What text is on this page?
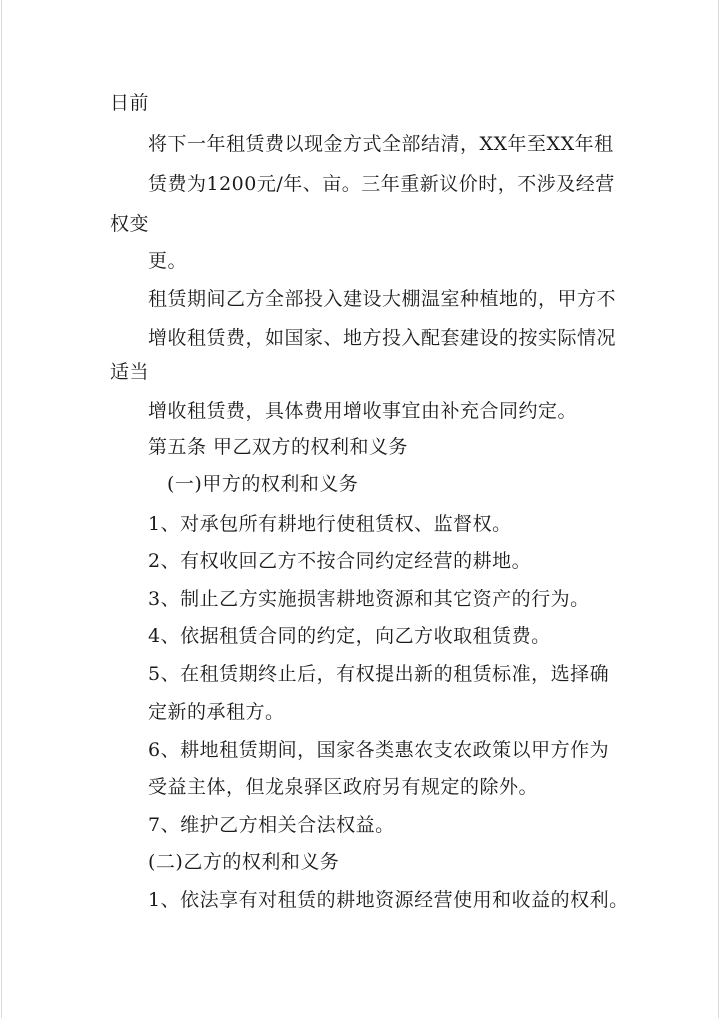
日前
将下一年租赁费以现金方式全部结清，XX年至XX年租
赁费为1200元/年、亩。三年重新议价时，不涉及经营
权变
更。
租赁期间乙方全部投入建设大棚温室种植地的，甲方不
增收租赁费，如国家、地方投入配套建设的按实际情况
适当
增收租赁费，具体费用增收事宜由补充合同约定。
第五条 甲乙双方的权利和义务
(一)甲方的权利和义务
1、对承包所有耕地行使租赁权、监督权。
2、有权收回乙方不按合同约定经营的耕地。
3、制止乙方实施损害耕地资源和其它资产的行为。
4、依据租赁合同的约定，向乙方收取租赁费。
5、在租赁期终止后，有权提出新的租赁标准，选择确
定新的承租方。
6、耕地租赁期间，国家各类惠农支农政策以甲方作为
受益主体，但龙泉驿区政府另有规定的除外。
7、维护乙方相关合法权益。
(二)乙方的权利和义务
1、依法享有对租赁的耕地资源经营使用和收益的权利。
